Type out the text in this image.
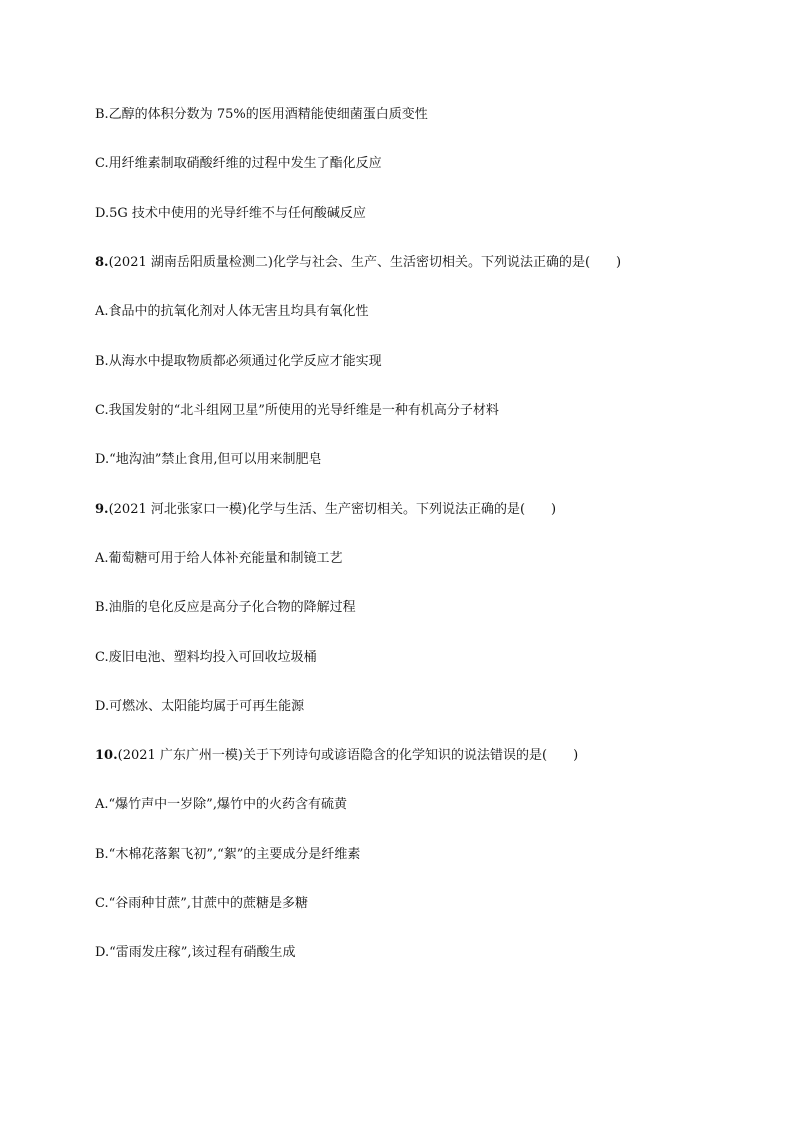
B.乙醇的体积分数为 75%的医用酒精能使细菌蛋白质变性
C.用纤维素制取硝酸纤维的过程中发生了酯化反应
D.5G 技术中使用的光导纤维不与任何酸碱反应
8.(2021 湖南岳阳质量检测二)化学与社会、生产、生活密切相关。下列说法正确的是( )
A.食品中的抗氧化剂对人体无害且均具有氧化性
B.从海水中提取物质都必须通过化学反应才能实现
C.我国发射的“北斗组网卫星”所使用的光导纤维是一种有机高分子材料
D.“地沟油”禁止食用,但可以用来制肥皂
9.(2021 河北张家口一模)化学与生活、生产密切相关。下列说法正确的是( )
A.葡萄糖可用于给人体补充能量和制镜工艺
B.油脂的皂化反应是高分子化合物的降解过程
C.废旧电池、塑料均投入可回收垃圾桶
D.可燃冰、太阳能均属于可再生能源
10.(2021 广东广州一模)关于下列诗句或谚语隐含的化学知识的说法错误的是( )
A.“爆竹声中一岁除”,爆竹中的火药含有硫黄
B.“木棉花落絮飞初”,“絮”的主要成分是纤维素
C.“谷雨种甘蔗”,甘蔗中的蔗糖是多糖
D.“雷雨发庄稼”,该过程有硝酸生成
